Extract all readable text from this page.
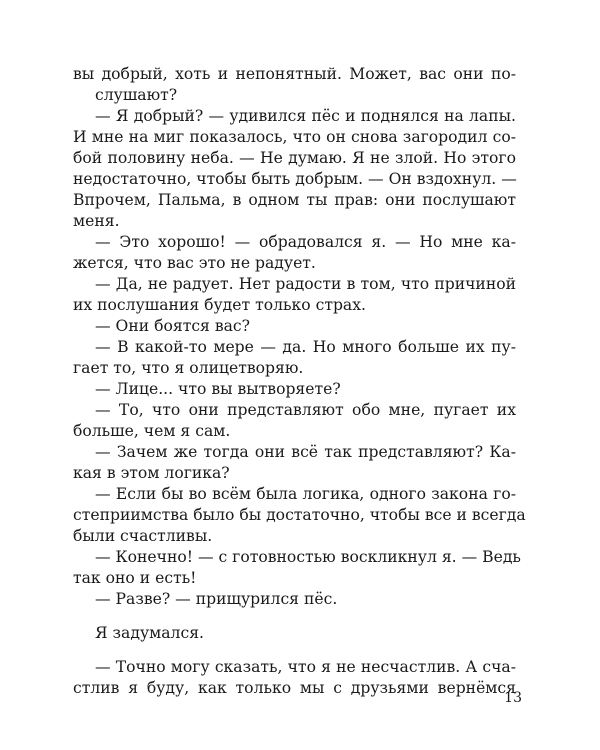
вы добрый, хоть и непонятный. Может, вас они по-
слушают?
— Я добрый? — удивился пёс и поднялся на лапы.
И мне на миг показалось, что он снова загородил со-
бой половину неба. — Не думаю. Я не злой. Но этого
недостаточно, чтобы быть добрым. — Он вздохнул. —
Впрочем, Пальма, в одном ты прав: они послушают
меня.
— Это хорошо! — обрадовался я. — Но мне ка-
жется, что вас это не радует.
— Да, не радует. Нет радости в том, что причиной
их послушания будет только страх.
— Они боятся вас?
— В какой-то мере — да. Но много больше их пу-
гает то, что я олицетворяю.
— Лице... что вы вытворяете?
— То, что они представляют обо мне, пугает их
больше, чем я сам.
— Зачем же тогда они всё так представляют? Ка-
кая в этом логика?
— Если бы во всём была логика, одного закона го-
степриимства было бы достаточно, чтобы все и всегда
были счастливы.
— Конечно! — с готовностью воскликнул я. — Ведь
так оно и есть!
— Разве? — прищурился пёс.
Я задумался.
— Точно могу сказать, что я не несчастлив. А сча-
стлив я буду, как только мы с друзьями вернёмся
13
